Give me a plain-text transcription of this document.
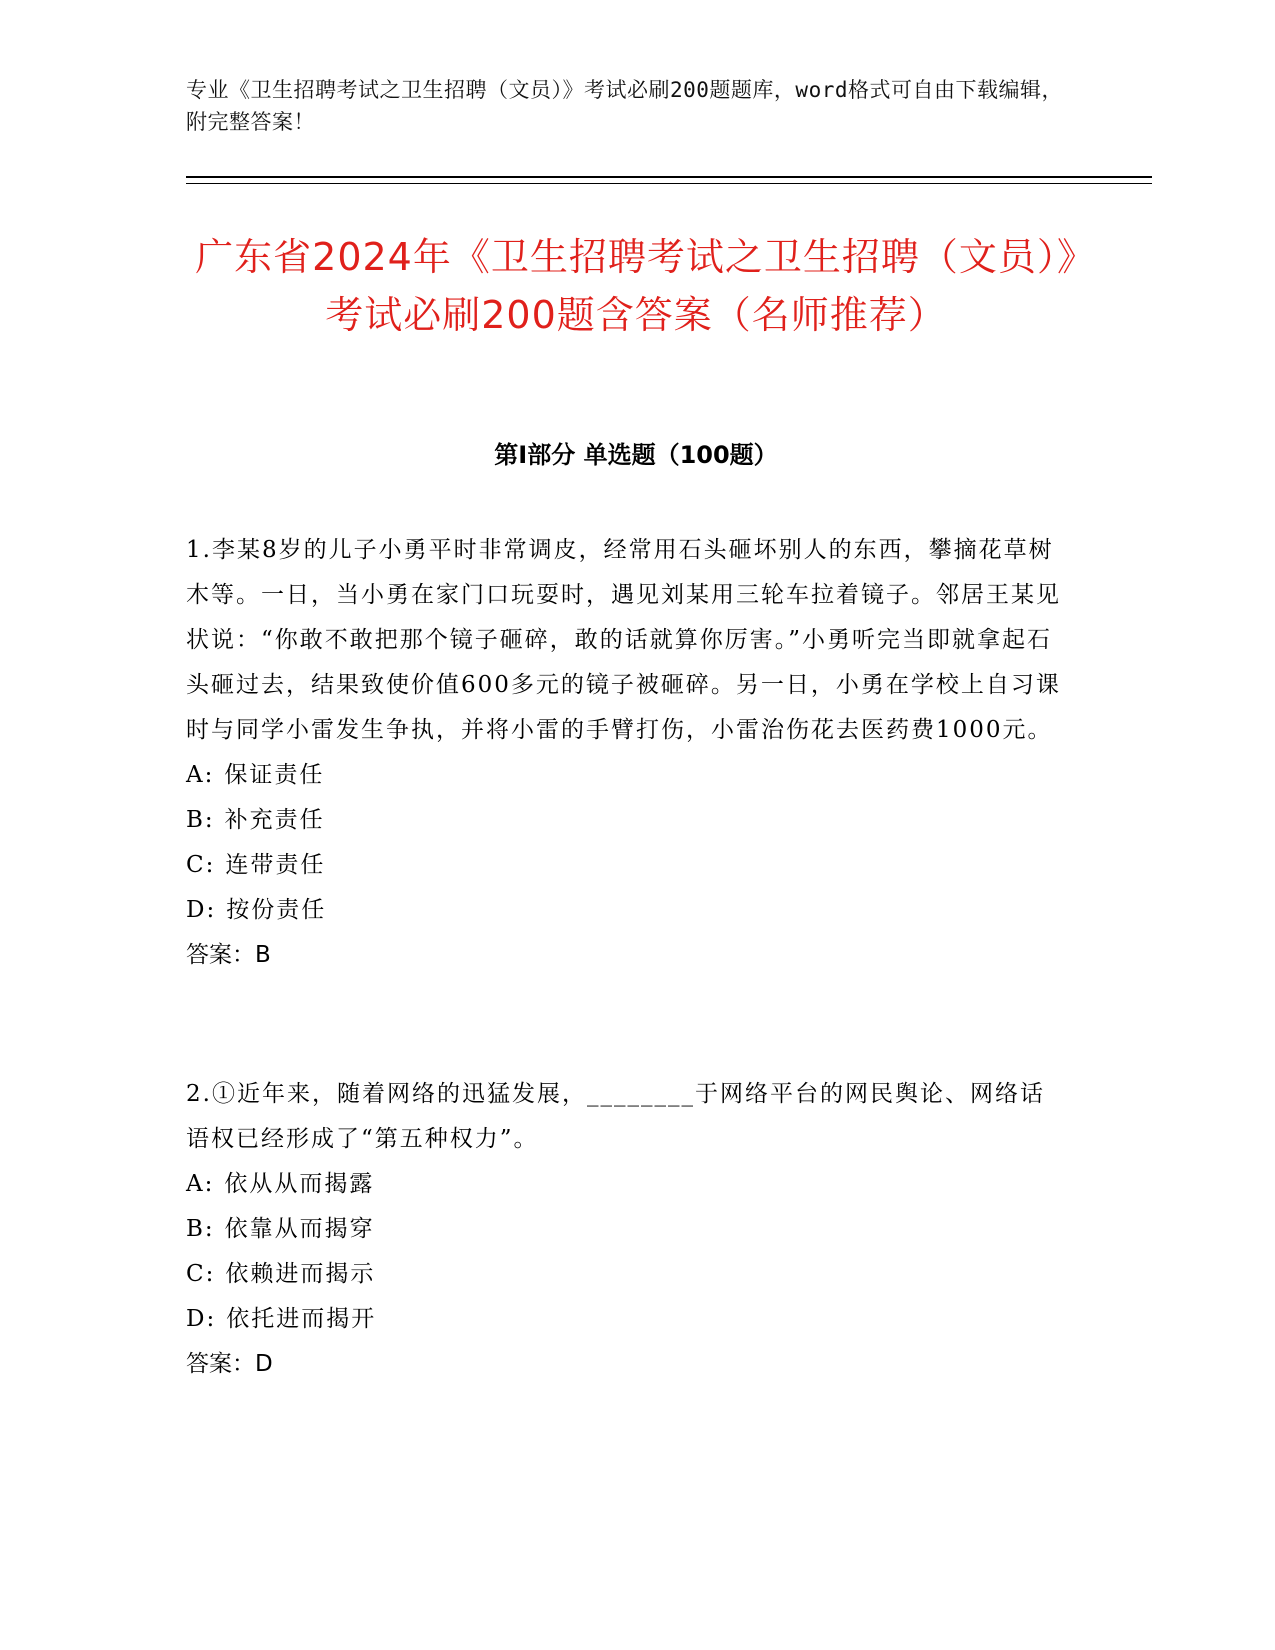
专业《卫生招聘考试之卫生招聘（文员）》考试必刷200题题库，word格式可自由下载编辑，附完整答案！
广东省2024年《卫生招聘考试之卫生招聘（文员）》考试必刷200题含答案（名师推荐）
第I部分 单选题（100题）

1.李某8岁的儿子小勇平时非常调皮，经常用石头砸坏别人的东西，攀摘花草树木等。一日，当小勇在家门口玩耍时，遇见刘某用三轮车拉着镜子。邻居王某见状说：“你敢不敢把那个镜子砸碎，敢的话就算你厉害。”小勇听完当即就拿起石头砸过去，结果致使价值600多元的镜子被砸碎。另一日，小勇在学校上自习课时与同学小雷发生争执，并将小雷的手臂打伤，小雷治伤花去医药费1000元。

A: 保证责任

B: 补充责任

C: 连带责任

D: 按份责任

答案：B

2.①近年来，随着网络的迅猛发展，________于网络平台的网民舆论、网络话语权已经形成了“第五种权力”。

A: 依从从而揭露

B: 依靠从而揭穿

C: 依赖进而揭示

D: 依托进而揭开

答案：D
